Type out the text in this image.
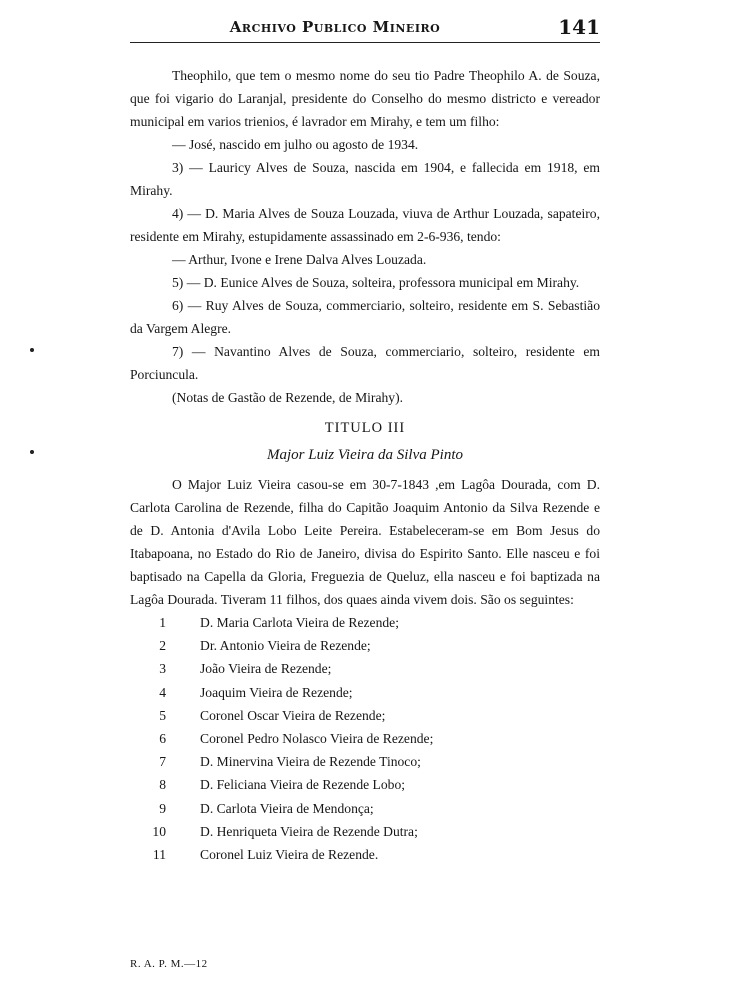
Archivo Publico Mineiro	141

Theophilo, que tem o mesmo nome do seu tio Padre Theophilo A. de Souza, que foi vigario do Laranjal, presidente do Conselho do mesmo districto e vereador municipal em varios trienios, é lavrador em Mirahy, e tem um filho:

— José, nascido em julho ou agosto de 1934.

3) — Lauricy Alves de Souza, nascida em 1904, e fallecida em 1918, em Mirahy.

4) — D. Maria Alves de Souza Louzada, viuva de Arthur Louzada, sapateiro, residente em Mirahy, estupidamente assassinado em 2-6-936, tendo:

— Arthur, Ivone e Irene Dalva Alves Louzada.

5) — D. Eunice Alves de Souza, solteira, professora municipal em Mirahy.

6) — Ruy Alves de Souza, commerciario, solteiro, residente em S. Sebastião da Vargem Alegre.

7) — Navantino Alves de Souza, commerciario, solteiro, residente em Porciuncula.

(Notas de Gastão de Rezende, de Mirahy).

TITULO III
Major Luiz Vieira da Silva Pinto

O Major Luiz Vieira casou-se em 30-7-1843 ,em Lagôa Dourada, com D. Carlota Carolina de Rezende, filha do Capitão Joaquim Antonio da Silva Rezende e de D. Antonia d'Avila Lobo Leite Pereira. Estabeleceram-se em Bom Jesus do Itabapoana, no Estado do Rio de Janeiro, divisa do Espirito Santo. Elle nasceu e foi baptisado na Capella da Gloria, Freguezia de Queluz, ella nasceu e foi baptizada na Lagôa Dourada. Tiveram 11 filhos, dos quaes ainda vivem dois. São os seguintes:

1	D. Maria Carlota Vieira de Rezende;
2	Dr. Antonio Vieira de Rezende;
3	João Vieira de Rezende;
4	Joaquim Vieira de Rezende;
5	Coronel Oscar Vieira de Rezende;
6	Coronel Pedro Nolasco Vieira de Rezende;
7	D. Minervina Vieira de Rezende Tinoco;
8	D. Feliciana Vieira de Rezende Lobo;
9	D. Carlota Vieira de Mendonça;
10	D. Henriqueta Vieira de Rezende Dutra;
11	Coronel Luiz Vieira de Rezende.
R. A. P. M.—12
